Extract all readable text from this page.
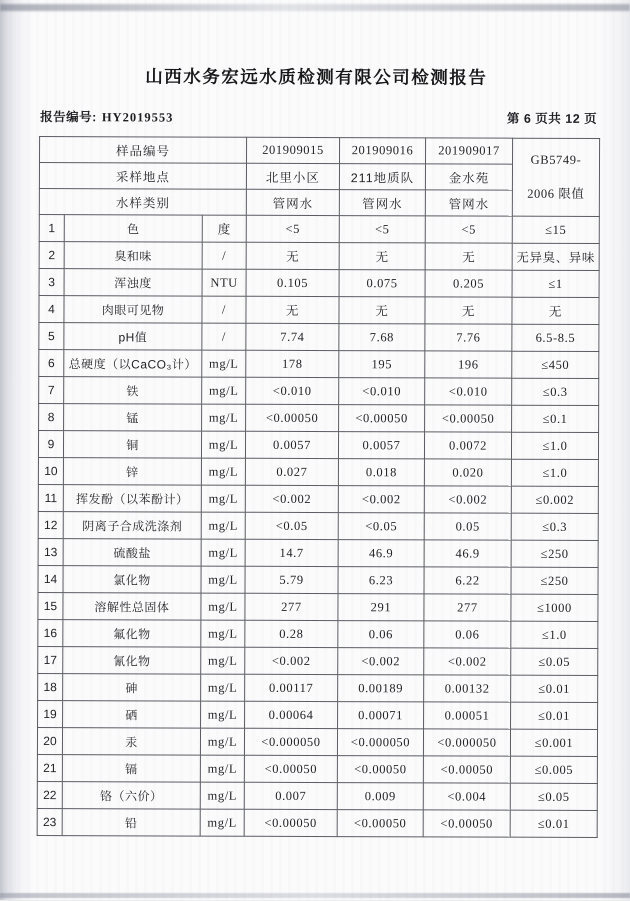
山西水务宏远水质检测有限公司检测报告
报告编号: HY2019553	第 6 页共 12 页
样品编号			201909015	201909016	201909017	GB5749-
2006 限值

采样地点			北里小区	211地质队	金水苑	
水样类别			管网水	管网水	管网水	
1	色	度	<5	<5	<5	≤15
2	臭和味	/	无	无	无	无异臭、异味
3	浑浊度	NTU	0.105	0.075	0.205	≤1
4	肉眼可见物	/	无	无	无	无
5	pH值	/	7.74	7.68	7.76	6.5-8.5
6	总硬度（以CaCO₃计）	mg/L	178	195	196	≤450
7	铁	mg/L	<0.010	<0.010	<0.010	≤0.3
8	锰	mg/L	<0.00050	<0.00050	<0.00050	≤0.1
9	铜	mg/L	0.0057	0.0057	0.0072	≤1.0
10	锌	mg/L	0.027	0.018	0.020	≤1.0
11	挥发酚（以苯酚计）	mg/L	<0.002	<0.002	<0.002	≤0.002
12	阴离子合成洗涤剂	mg/L	<0.05	<0.05	0.05	≤0.3
13	硫酸盐	mg/L	14.7	46.9	46.9	≤250
14	氯化物	mg/L	5.79	6.23	6.22	≤250
15	溶解性总固体	mg/L	277	291	277	≤1000
16	氟化物	mg/L	0.28	0.06	0.06	≤1.0
17	氰化物	mg/L	<0.002	<0.002	<0.002	≤0.05
18	砷	mg/L	0.00117	0.00189	0.00132	≤0.01
19	硒	mg/L	0.00064	0.00071	0.00051	≤0.01
20	汞	mg/L	<0.000050	<0.000050	<0.000050	≤0.001
21	镉	mg/L	<0.00050	<0.00050	<0.00050	≤0.005
22	铬（六价）	mg/L	0.007	0.009	<0.004	≤0.05
23	铅	mg/L	<0.00050	<0.00050	<0.00050	≤0.01
